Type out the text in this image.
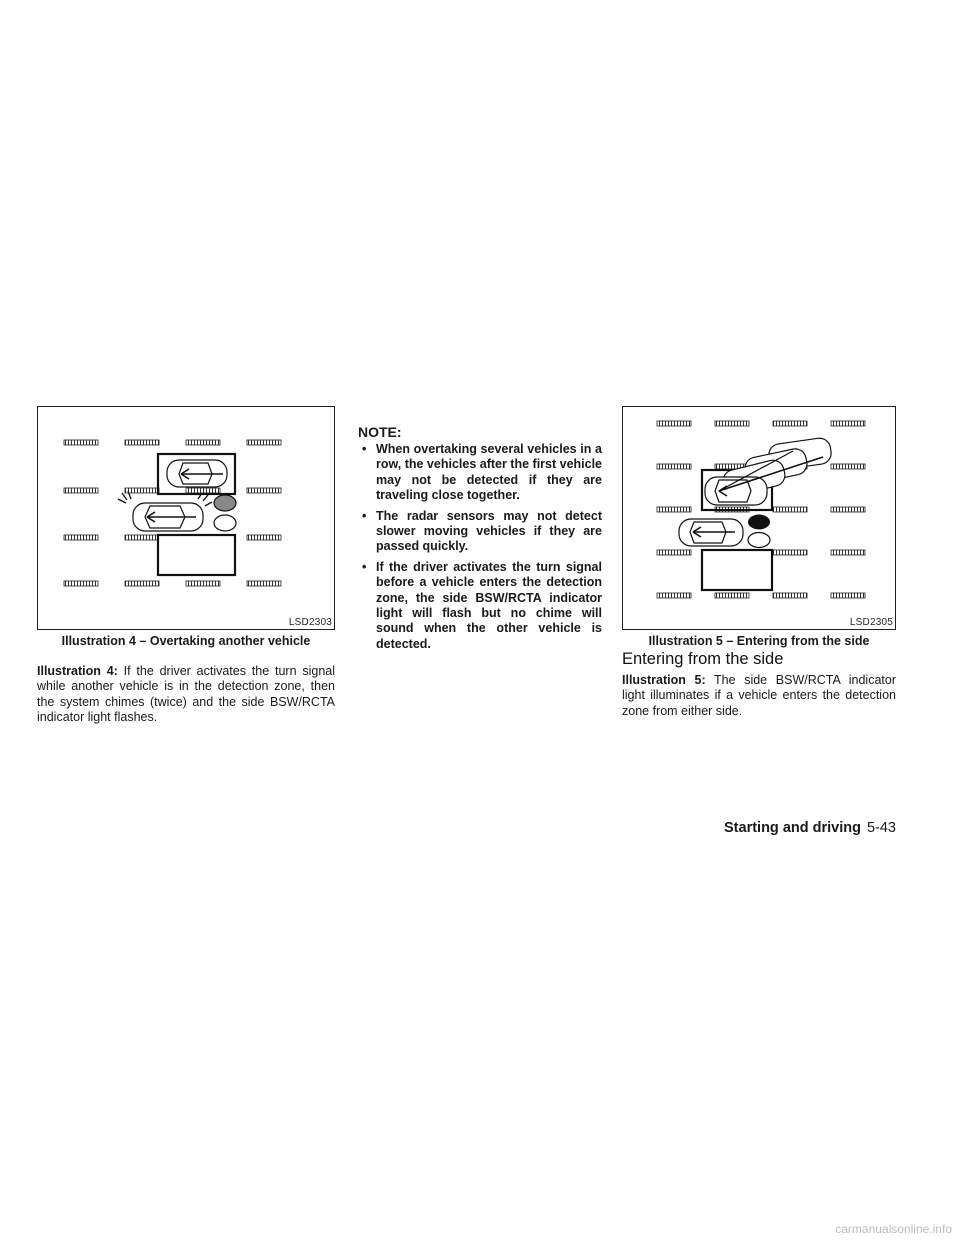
LSD2303
Illustration 4 – Overtaking another vehicle
Illustration 4: If the driver activates the turn signal while another vehicle is in the detection zone, then the system chimes (twice) and the side BSW/RCTA indicator light flashes.
NOTE:
• When overtaking several vehicles in a row, the vehicles after the first vehicle may not be detected if they are traveling close together.
• The radar sensors may not detect slower moving vehicles if they are passed quickly.
• If the driver activates the turn signal before a vehicle enters the detection zone, the side BSW/RCTA indicator light will flash but no chime will sound when the other vehicle is detected.
LSD2305
Illustration 5 – Entering from the side
Entering from the side
Illustration 5: The side BSW/RCTA indicator light illuminates if a vehicle enters the detection zone from either side.
Starting and driving 5-43
carmanualsonline.info
